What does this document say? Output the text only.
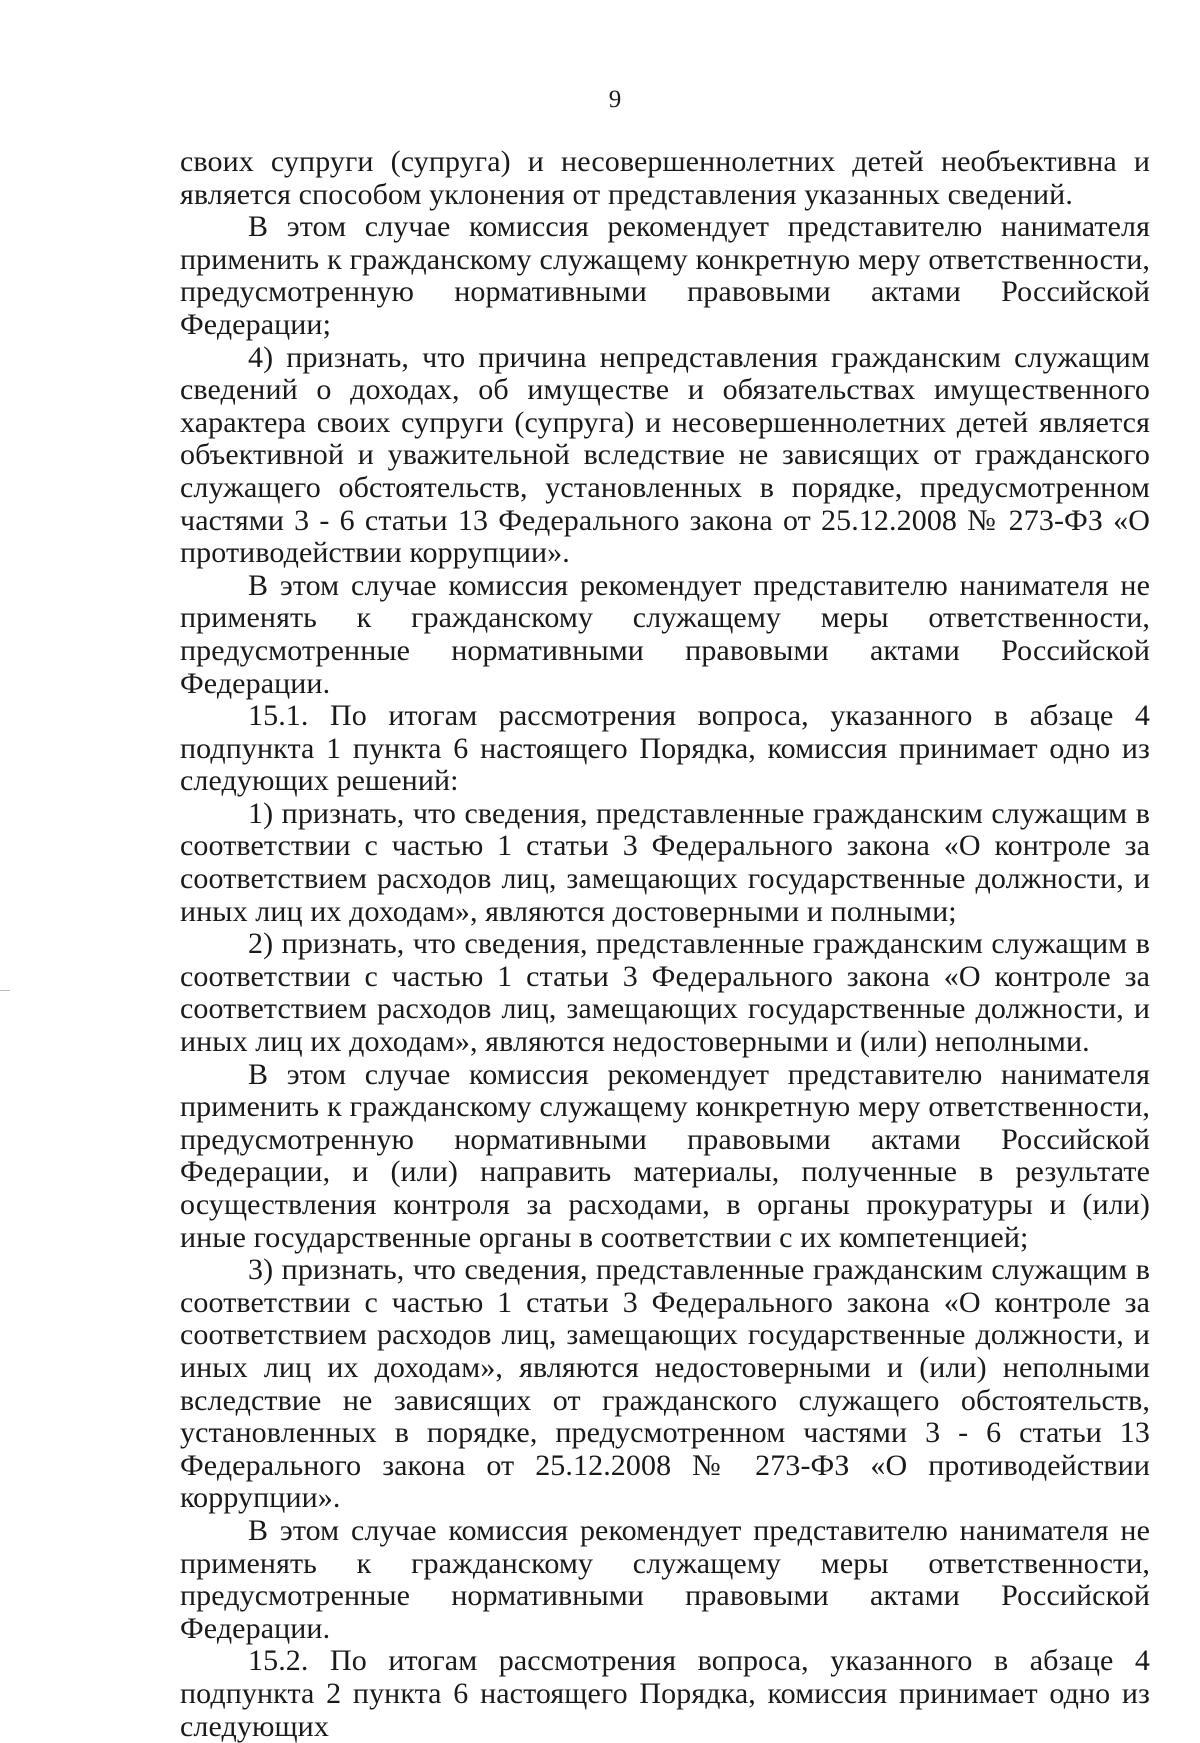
9

своих супруги (супруга) и несовершеннолетних детей необъективна и является способом уклонения от представления указанных сведений.

В этом случае комиссия рекомендует представителю нанимателя применить к гражданскому служащему конкретную меру ответственности, предусмотренную нормативными правовыми актами Российской Федерации;

4) признать, что причина непредставления гражданским служащим сведений о доходах, об имуществе и обязательствах имущественного характера своих супруги (супруга) и несовершеннолетних детей является объективной и уважительной вследствие не зависящих от гражданского служащего обстоятельств, установленных в порядке, предусмотренном частями 3 - 6 статьи 13 Федерального закона от 25.12.2008 № 273-ФЗ «О противодействии коррупции».

В этом случае комиссия рекомендует представителю нанимателя не применять к гражданскому служащему меры ответственности, предусмотренные нормативными правовыми актами Российской Федерации.

15.1. По итогам рассмотрения вопроса, указанного в абзаце 4 подпункта 1 пункта 6 настоящего Порядка, комиссия принимает одно из следующих решений:

1) признать, что сведения, представленные гражданским служащим в соответствии с частью 1 статьи 3 Федерального закона «О контроле за соответствием расходов лиц, замещающих государственные должности, и иных лиц их доходам», являются достоверными и полными;

2) признать, что сведения, представленные гражданским служащим в соответствии с частью 1 статьи 3 Федерального закона «О контроле за соответствием расходов лиц, замещающих государственные должности, и иных лиц их доходам», являются недостоверными и (или) неполными.

В этом случае комиссия рекомендует представителю нанимателя применить к гражданскому служащему конкретную меру ответственности, предусмотренную нормативными правовыми актами Российской Федерации, и (или) направить материалы, полученные в результате осуществления контроля за расходами, в органы прокуратуры и (или) иные государственные органы в соответствии с их компетенцией;

3) признать, что сведения, представленные гражданским служащим в соответствии с частью 1 статьи 3 Федерального закона «О контроле за соответствием расходов лиц, замещающих государственные должности, и иных лиц их доходам», являются недостоверными и (или) неполными вследствие не зависящих от гражданского служащего обстоятельств, установленных в порядке, предусмотренном частями 3 - 6 статьи 13 Федерального закона от 25.12.2008 № 273-ФЗ «О противодействии коррупции».

В этом случае комиссия рекомендует представителю нанимателя не применять к гражданскому служащему меры ответственности, предусмотренные нормативными правовыми актами Российской Федерации.

15.2. По итогам рассмотрения вопроса, указанного в абзаце 4 подпункта 2 пункта 6 настоящего Порядка, комиссия принимает одно из следующих
